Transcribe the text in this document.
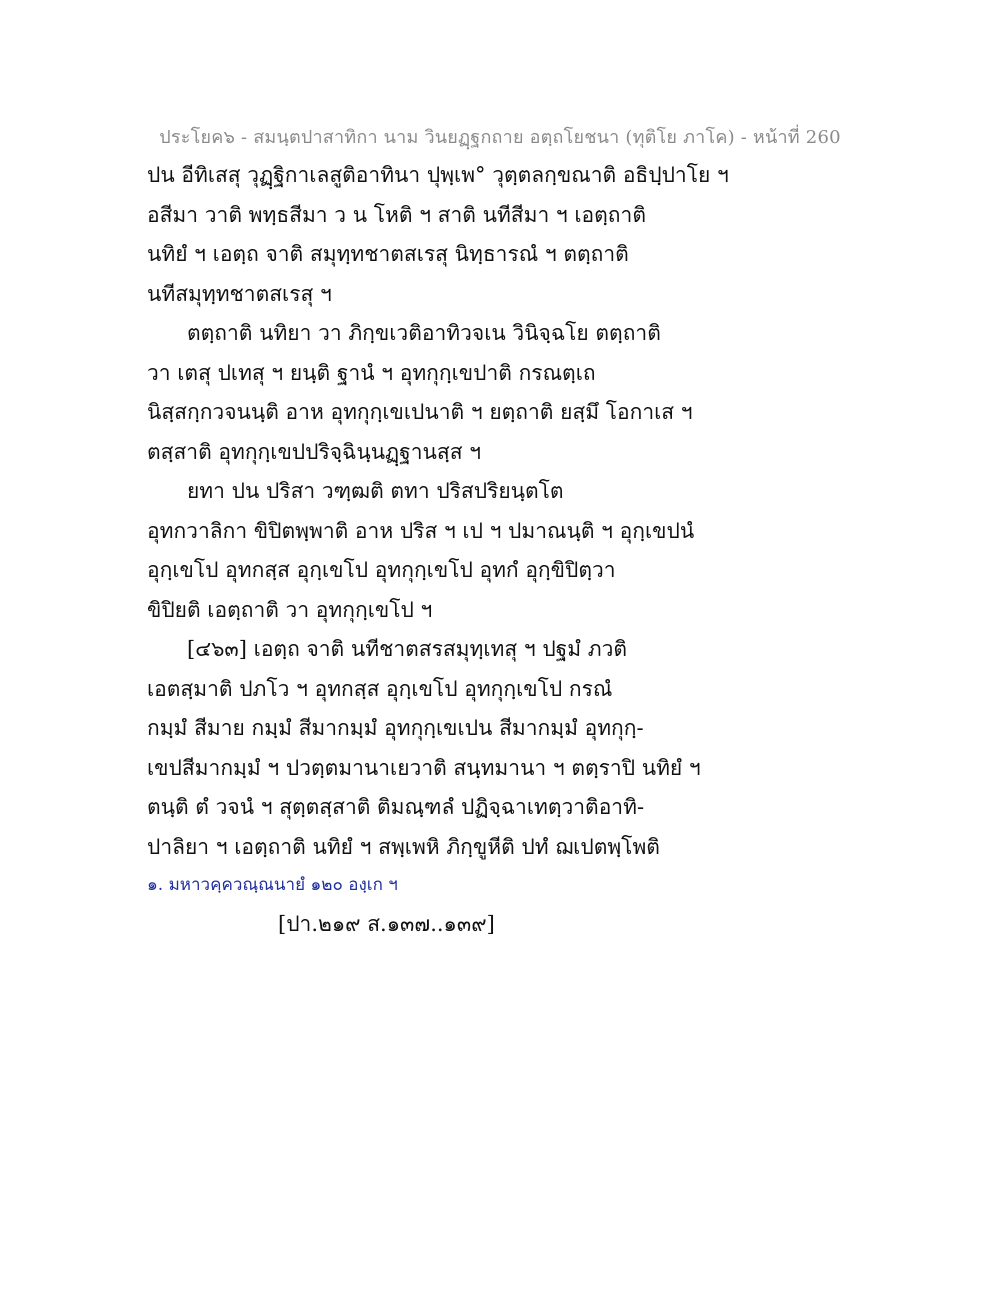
ประโยค๖ - สมนฺตปาสาทิกา นาม วินยฏฺฐกถาย อตฺถโยชนา (ทุติโย ภาโค) - หน้าที่ 260
ปน อีทิเสสุ วุฏฺฐิกาเลสูติอาทินา ปุพฺเพ° วุตฺตลกฺขณาติ อธิปฺปาโย ฯ
อสีมา วาติ พทฺธสีมา ว น โหติ ฯ สาติ นทีสีมา ฯ เอตฺถาติ
นทิยํ ฯ เอตฺถ จาติ สมุทฺทชาตสเรสุ นิทฺธารณํ ฯ ตตฺถาติ
นทีสมุทฺทชาตสเรสุ ฯ
ตตฺถาติ นทิยา วา ภิกฺขเวติอาทิวจเน วินิจฺฉโย ตตฺถาติ
วา เตสุ ปเทสุ ฯ ยนฺติ ฐานํ ฯ อุทกุกฺเขปาติ กรณตฺเถ
นิสฺสกฺกวจนนฺติ อาห อุทกุกฺเขเปนาติ ฯ ยตฺถาติ ยสฺมึ โอกาเส ฯ
ตสฺสาติ อุทกุกฺเขปปริจฺฉินฺนฏฺฐานสฺส ฯ
ยทา ปน ปริสา วฑฺฒติ ตทา ปริสปริยนฺตโต
อุทกวาลิกา ขิปิตพฺพาติ อาห ปริส ฯ เป ฯ ปมาณนฺติ ฯ อุกฺเขปนํ
อุกฺเขโป อุทกสฺส อุกฺเขโป อุทกุกฺเขโป อุทกํ อุกฺขิปิตฺวา
ขิปิยติ เอตฺถาติ วา อุทกุกฺเขโป ฯ
[๔๖๓] เอตฺถ จาติ นทีชาตสรสมุทฺเทสุ ฯ ปฐมํ ภวติ
เอตสฺมาติ ปภโว ฯ อุทกสฺส อุกฺเขโป อุทกุกฺเขโป กรณํ
กมฺมํ สีมาย กมฺมํ สีมากมฺมํ อุทกุกฺเขเปน สีมากมฺมํ อุทกุกฺ-
เขปสีมากมฺมํ ฯ ปวตฺตมานาเยวาติ สนฺทมานา ฯ ตตฺราปิ นทิยํ ฯ
ตนฺติ ตํ วจนํ ฯ สุตฺตสฺสาติ ติมณฺฑลํ ปฏิจฺฉาเทตฺวาติอาทิ-
ปาลิยา ฯ เอตฺถาติ นทิยํ ฯ สพฺเพหิ ภิกฺขูหีติ ปทํ ฌเปตพฺโพติ
๑. มหาวคฺควณฺณนายํ ๑๒๐ องฺเก ฯ
[ปา.๒๑๙ ส.๑๓๗..๑๓๙]
